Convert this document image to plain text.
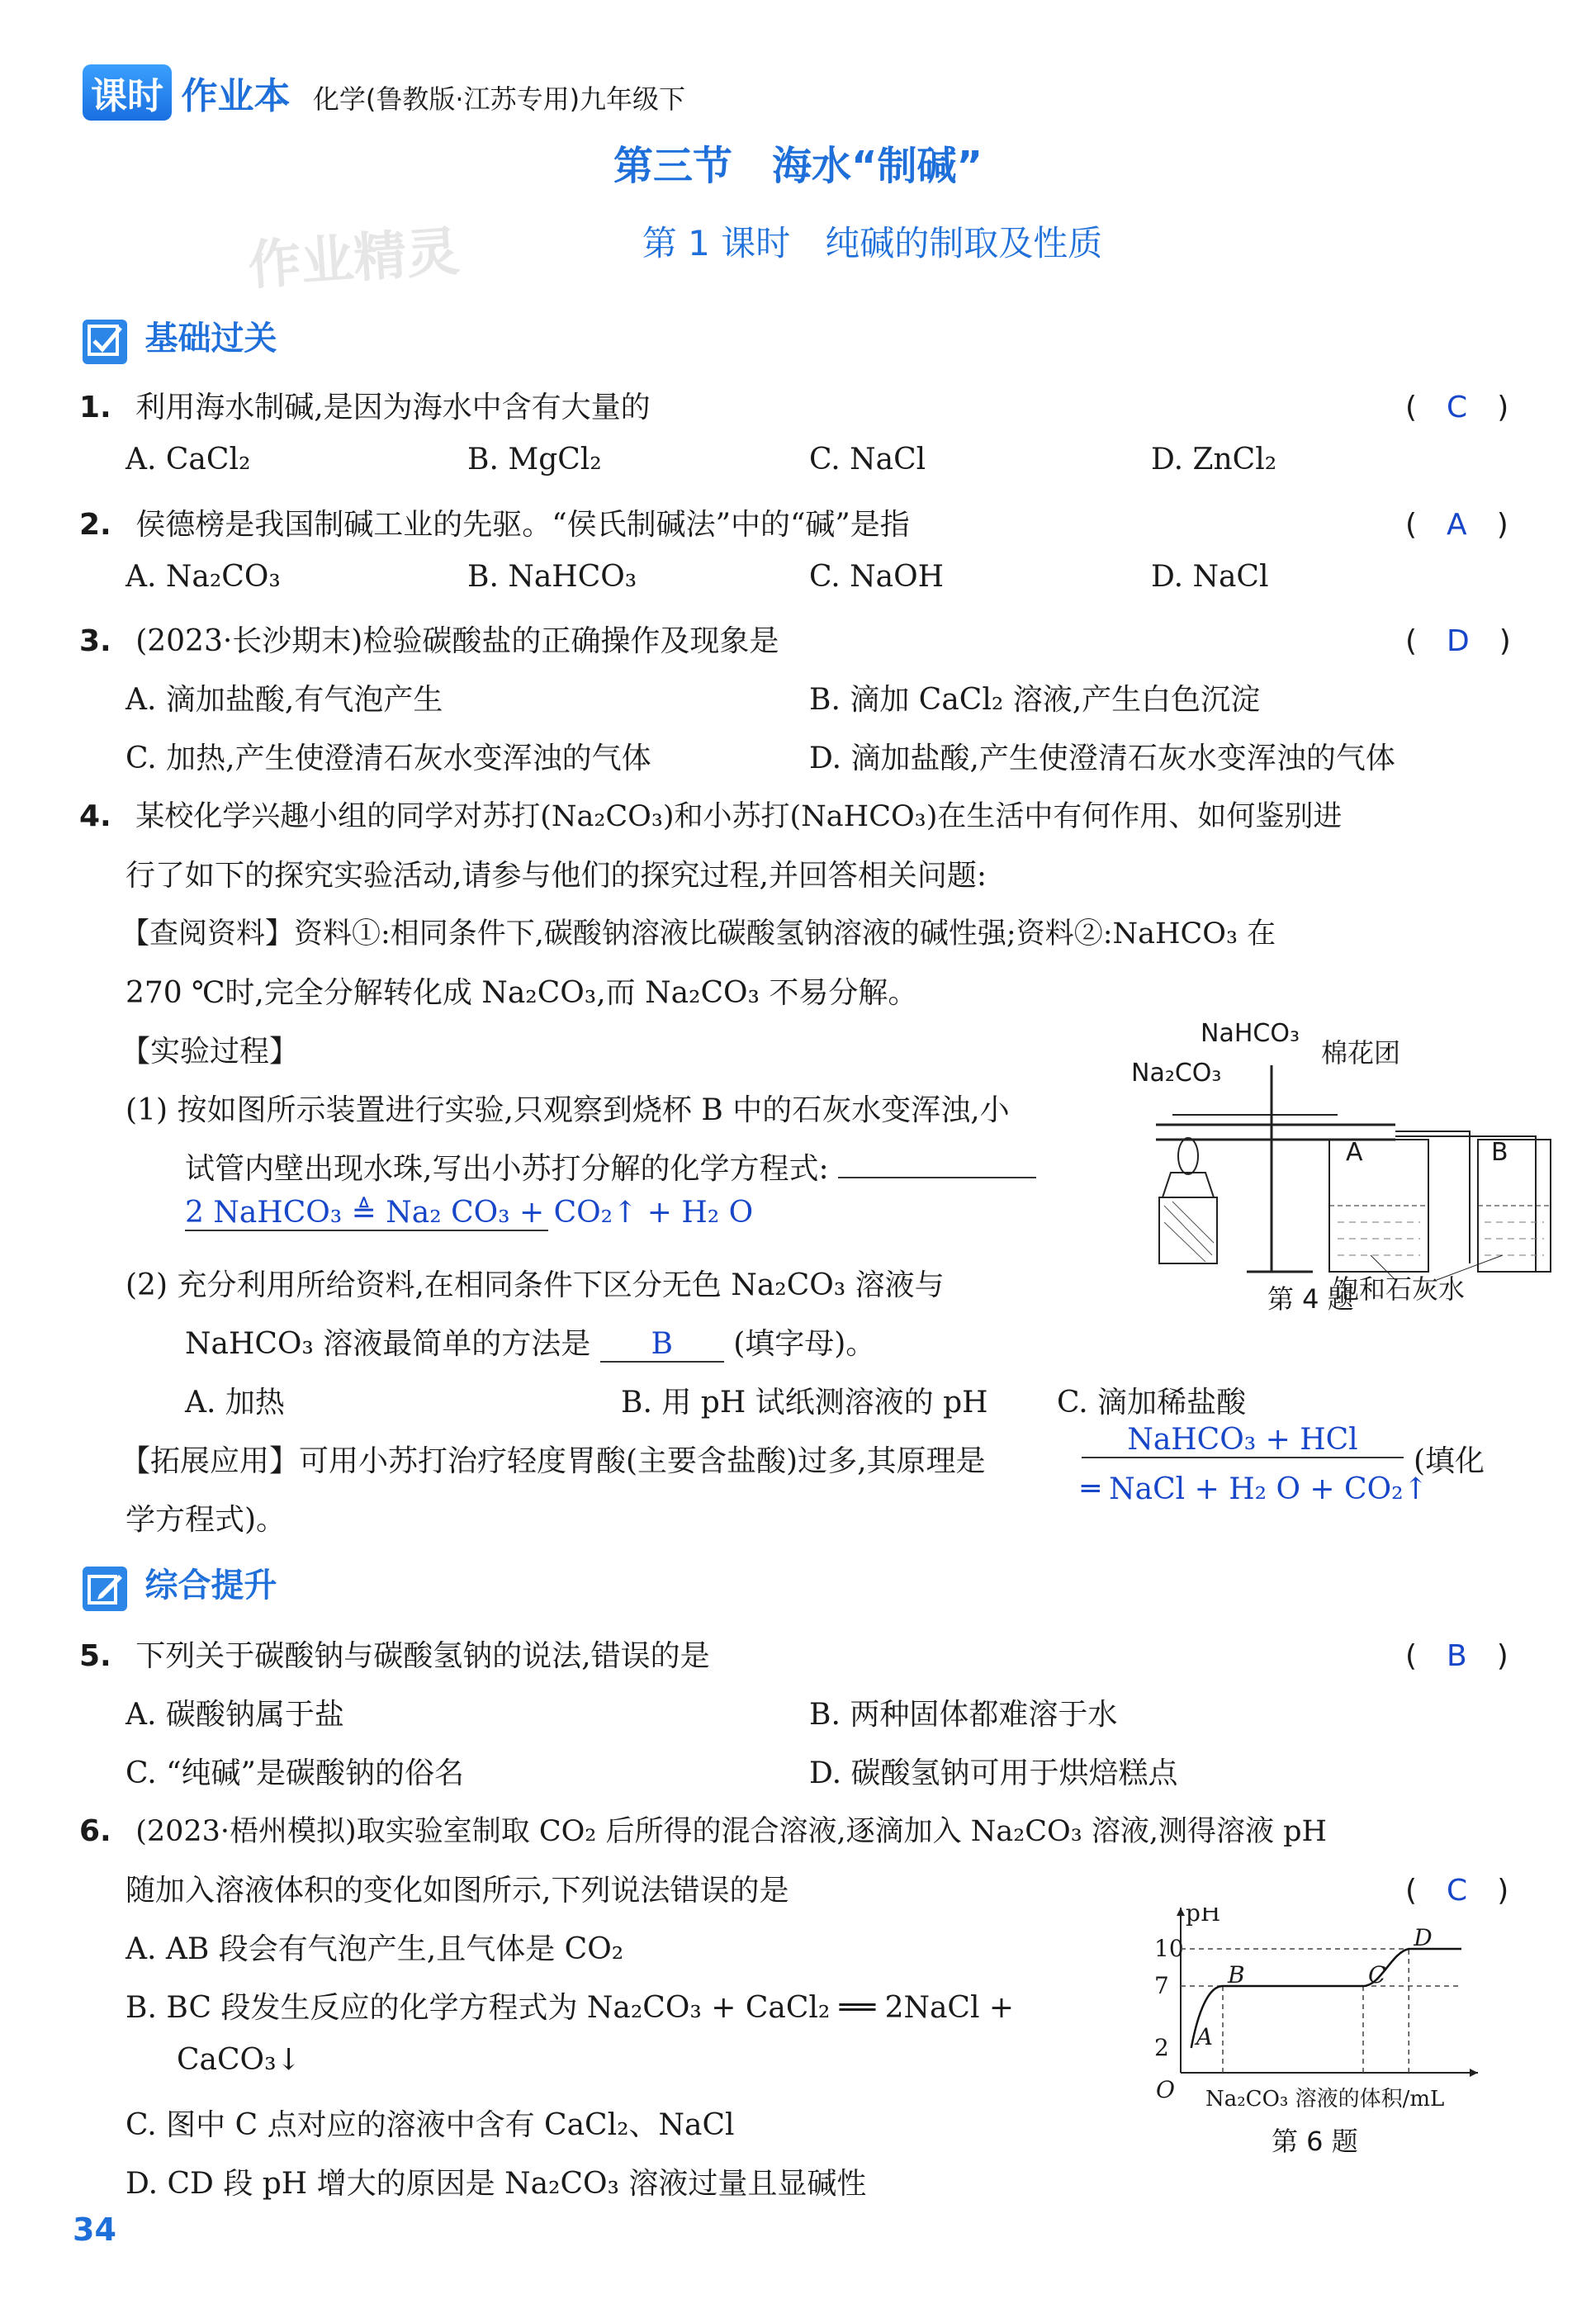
课时 作业本 化学(鲁教版·江苏专用)九年级下
第三节　海水“制碱”
作业精灵	第 1 课时　纯碱的制取及性质
基础过关
1. 利用海水制碱,是因为海水中含有大量的	(　C　)
A. CaCl₂	B. MgCl₂	C. NaCl	D. ZnCl₂
2. 侯德榜是我国制碱工业的先驱。“侯氏制碱法”中的“碱”是指	(　A　)
A. Na₂CO₃	B. NaHCO₃	C. NaOH	D. NaCl
3. (2023·长沙期末)检验碳酸盐的正确操作及现象是	(　D　)
A. 滴加盐酸,有气泡产生	B. 滴加 CaCl₂ 溶液,产生白色沉淀
C. 加热,产生使澄清石灰水变浑浊的气体	D. 滴加盐酸,产生使澄清石灰水变浑浊的气体
4. 某校化学兴趣小组的同学对苏打(Na₂CO₃)和小苏打(NaHCO₃)在生活中有何作用、如何鉴别进
行了如下的探究实验活动,请参与他们的探究过程,并回答相关问题:
【查阅资料】资料①:相同条件下,碳酸钠溶液比碳酸氢钠溶液的碱性强;资料②:NaHCO₃ 在
270 ℃时,完全分解转化成 Na₂CO₃,而 Na₂CO₃ 不易分解。
【实验过程】
(1) 按如图所示装置进行实验,只观察到烧杯 B 中的石灰水变浑浊,小
试管内壁出现水珠,写出小苏打分解的化学方程式:
2 NaHCO₃ ≜ Na₂ CO₃ + CO₂↑ + H₂ O
(2) 充分利用所给资料,在相同条件下区分无色 Na₂CO₃ 溶液与
NaHCO₃ 溶液最简单的方法是 B (填字母)。
A. 加热	B. 用 pH 试纸测溶液的 pH C. 滴加稀盐酸
【拓展应用】可用小苏打治疗轻度胃酸(主要含盐酸)过多,其原理是
NaHCO₃ + HCl
═ NaCl + H₂ O + CO₂↑
(填化
学方程式)。
NaHCO₃
Na₂CO₃
棉花团
A	B
饱和石灰水
第 4 题
综合提升
5. 下列关于碳酸钠与碳酸氢钠的说法,错误的是	(　B　)
A. 碳酸钠属于盐	B. 两种固体都难溶于水
C. “纯碱”是碳酸钠的俗名	D. 碳酸氢钠可用于烘焙糕点
6. (2023·梧州模拟)取实验室制取 CO₂ 后所得的混合溶液,逐滴加入 Na₂CO₃ 溶液,测得溶液 pH
随加入溶液体积的变化如图所示,下列说法错误的是	(　C　)
A. AB 段会有气泡产生,且气体是 CO₂
B. BC 段发生反应的化学方程式为 Na₂CO₃ + CaCl₂ ══ 2NaCl +
CaCO₃↓
C. 图中 C 点对应的溶液中含有 CaCl₂、NaCl
D. CD 段 pH 增大的原因是 Na₂CO₃ 溶液过量且显碱性
2
7
10
A
B	C
D
O
pH
Na₂CO₃ 溶液的体积/mL
第 6 题
34
